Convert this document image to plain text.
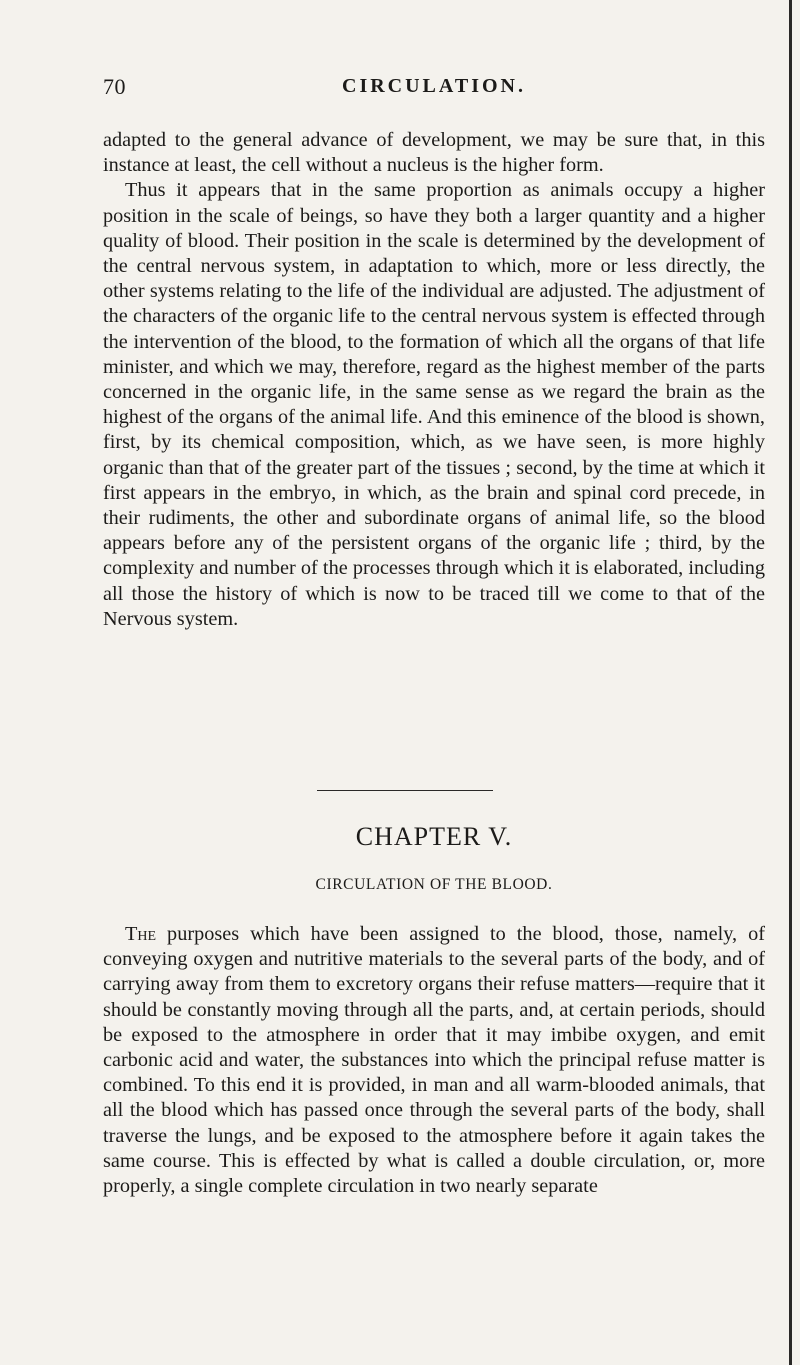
70	CIRCULATION.

adapted to the general advance of development, we may be sure that, in this instance at least, the cell without a nucleus is the higher form.

Thus it appears that in the same proportion as animals occupy a higher position in the scale of beings, so have they both a larger quantity and a higher quality of blood. Their position in the scale is determined by the development of the central nervous system, in adaptation to which, more or less directly, the other systems relating to the life of the individual are adjusted. The adjustment of the characters of the organic life to the central nervous system is effected through the intervention of the blood, to the formation of which all the organs of that life minister, and which we may, therefore, regard as the highest member of the parts concerned in the organic life, in the same sense as we regard the brain as the highest of the organs of the animal life. And this eminence of the blood is shown, first, by its chemical composition, which, as we have seen, is more highly organic than that of the greater part of the tissues ; second, by the time at which it first appears in the embryo, in which, as the brain and spinal cord precede, in their rudiments, the other and subordinate organs of animal life, so the blood appears before any of the persistent organs of the organic life ; third, by the complexity and number of the processes through which it is elaborated, including all those the history of which is now to be traced till we come to that of the Nervous system.

CHAPTER V.
CIRCULATION OF THE BLOOD.

The purposes which have been assigned to the blood, those, namely, of conveying oxygen and nutritive materials to the several parts of the body, and of carrying away from them to excretory organs their refuse matters—require that it should be constantly moving through all the parts, and, at certain periods, should be exposed to the atmosphere in order that it may imbibe oxygen, and emit carbonic acid and water, the substances into which the principal refuse matter is combined. To this end it is provided, in man and all warm-blooded animals, that all the blood which has passed once through the several parts of the body, shall traverse the lungs, and be exposed to the atmosphere before it again takes the same course. This is effected by what is called a double circulation, or, more properly, a single complete circulation in two nearly separate
